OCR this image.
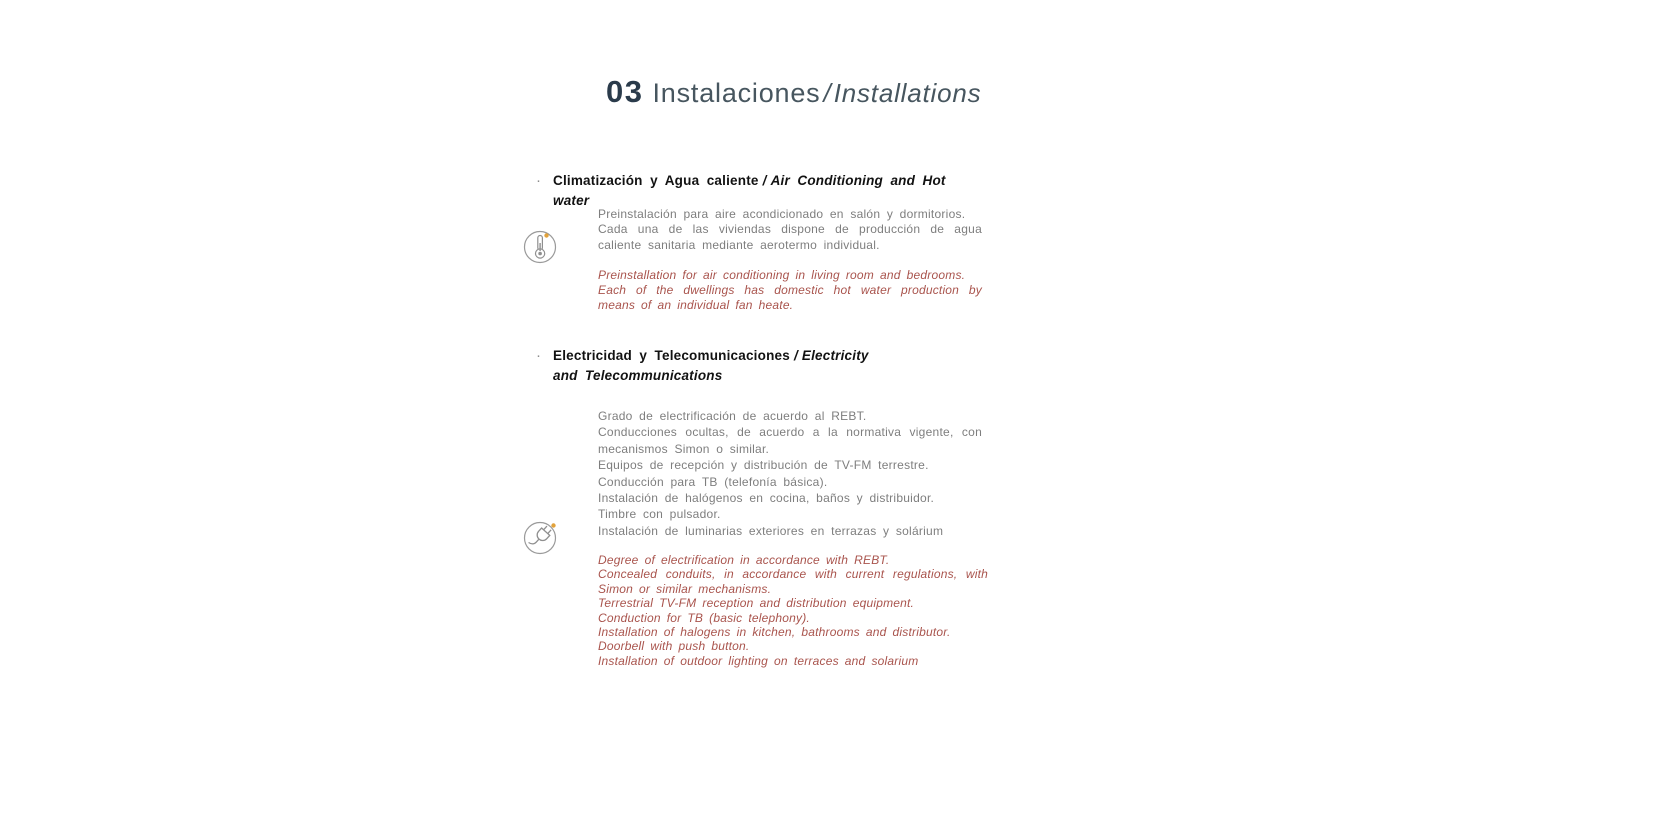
03 Instalaciones / Installations
· Climatización y Agua caliente / Air Conditioning and Hot water
Preinstalación para aire acondicionado en salón y dormitorios.
Cada una de las viviendas dispone de producción de agua caliente sanitaria mediante aerotermo individual.
Preinstallation for air conditioning in living room and bedrooms.
Each of the dwellings has domestic hot water production by means of an individual fan heate.
· Electricidad y Telecomunicaciones / Electricity and Telecommunications
Grado de electrificación de acuerdo al REBT.
Conducciones ocultas, de acuerdo a la normativa vigente, con mecanismos Simon o similar.
Equipos de recepción y distribución de TV-FM terrestre.
Conducción para TB (telefonía básica).
Instalación de halógenos en cocina, baños y distribuidor.
Timbre con pulsador.
Instalación de luminarias exteriores en terrazas y solárium
Degree of electrification in accordance with REBT.
Concealed conduits, in accordance with current regulations, with Simon or similar mechanisms.
Terrestrial TV-FM reception and distribution equipment.
Conduction for TB (basic telephony).
Installation of halogens in kitchen, bathrooms and distributor.
Doorbell with push button.
Installation of outdoor lighting on terraces and solarium
